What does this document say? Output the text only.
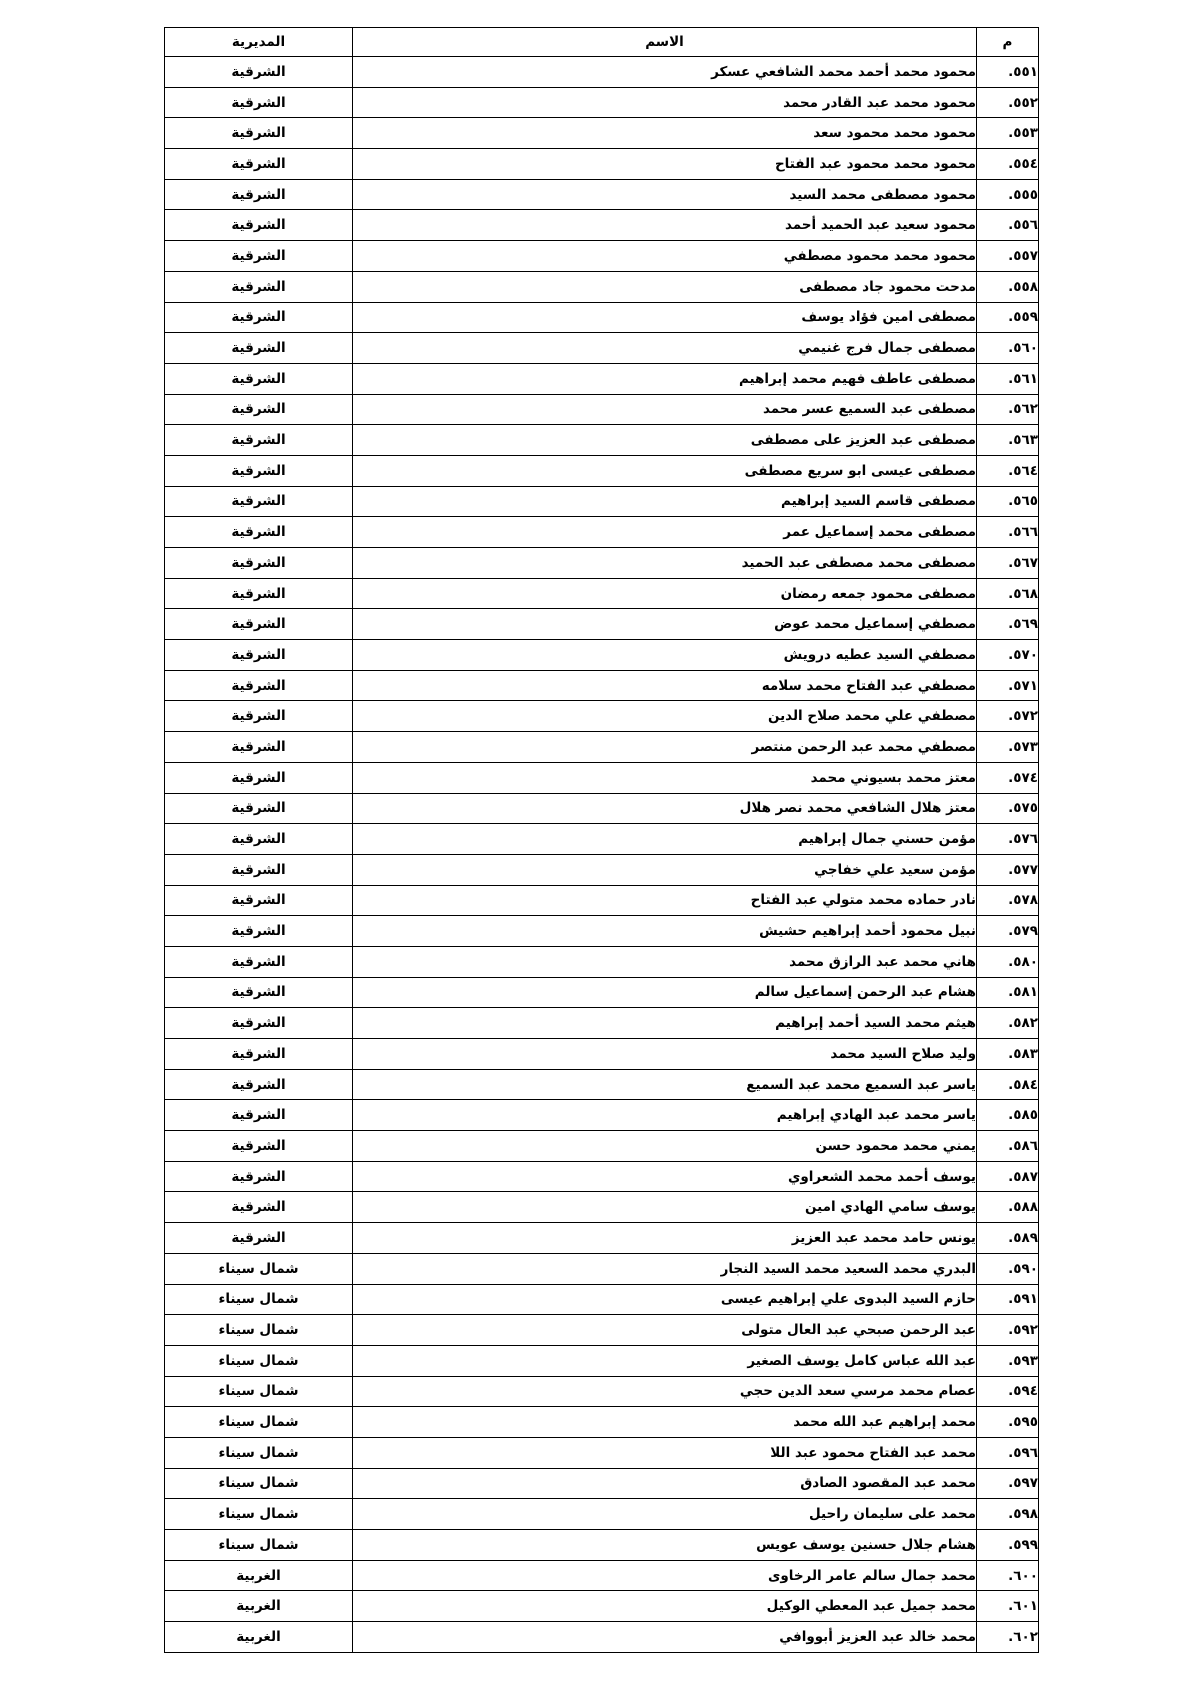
م	الاسم	المديرية
٥٥١.	محمود محمد أحمد محمد الشافعي عسكر	الشرقية
٥٥٢.	محمود محمد عبد القادر محمد	الشرقية
٥٥٣.	محمود محمد محمود سعد	الشرقية
٥٥٤.	محمود محمد محمود عبد الفتاح	الشرقية
٥٥٥.	محمود مصطفى محمد السيد	الشرقية
٥٥٦.	محمود سعيد عبد الحميد أحمد	الشرقية
٥٥٧.	محمود محمد محمود مصطفي	الشرقية
٥٥٨.	مدحت محمود جاد مصطفى	الشرقية
٥٥٩.	مصطفى امين فؤاد يوسف	الشرقية
٥٦٠.	مصطفى جمال فرج غنيمي	الشرقية
٥٦١.	مصطفى عاطف فهيم محمد إبراهيم	الشرقية
٥٦٢.	مصطفى عبد السميع عسر محمد	الشرقية
٥٦٣.	مصطفى عبد العزيز على مصطفى	الشرقية
٥٦٤.	مصطفى عيسى ابو سريع مصطفى	الشرقية
٥٦٥.	مصطفى قاسم السيد إبراهيم	الشرقية
٥٦٦.	مصطفى محمد إسماعيل عمر	الشرقية
٥٦٧.	مصطفى محمد مصطفى عبد الحميد	الشرقية
٥٦٨.	مصطفى محمود جمعه رمضان	الشرقية
٥٦٩.	مصطفي إسماعيل محمد عوض	الشرقية
٥٧٠.	مصطفي السيد عطيه درويش	الشرقية
٥٧١.	مصطفي عبد الفتاح محمد سلامه	الشرقية
٥٧٢.	مصطفي علي محمد صلاح الدين	الشرقية
٥٧٣.	مصطفي محمد عبد الرحمن منتصر	الشرقية
٥٧٤.	معتز محمد بسيوني محمد	الشرقية
٥٧٥.	معتز هلال الشافعي محمد نصر هلال	الشرقية
٥٧٦.	مؤمن حسني جمال إبراهيم	الشرقية
٥٧٧.	مؤمن سعيد علي خفاجي	الشرقية
٥٧٨.	نادر حماده محمد متولي عبد الفتاح	الشرقية
٥٧٩.	نبيل محمود أحمد إبراهيم حشيش	الشرقية
٥٨٠.	هاني محمد عبد الرازق محمد	الشرقية
٥٨١.	هشام عبد الرحمن إسماعيل سالم	الشرقية
٥٨٢.	هيثم محمد السيد أحمد إبراهيم	الشرقية
٥٨٣.	وليد صلاح السيد محمد	الشرقية
٥٨٤.	ياسر عبد السميع محمد عبد السميع	الشرقية
٥٨٥.	ياسر محمد عبد الهادي إبراهيم	الشرقية
٥٨٦.	يمني محمد محمود حسن	الشرقية
٥٨٧.	يوسف أحمد محمد الشعراوي	الشرقية
٥٨٨.	يوسف سامي الهادي امين	الشرقية
٥٨٩.	يونس حامد محمد عبد العزيز	الشرقية
٥٩٠.	البدري محمد السعيد محمد السيد النجار	شمال سيناء
٥٩١.	حازم السيد البدوى علي إبراهيم عيسى	شمال سيناء
٥٩٢.	عبد الرحمن صبحي عبد العال متولى	شمال سيناء
٥٩٣.	عبد الله عباس كامل يوسف الصغير	شمال سيناء
٥٩٤.	عصام محمد مرسي سعد الدين حجي	شمال سيناء
٥٩٥.	محمد إبراهيم عبد الله محمد	شمال سيناء
٥٩٦.	محمد عبد الفتاح محمود عبد اللا	شمال سيناء
٥٩٧.	محمد عبد المقصود الصادق	شمال سيناء
٥٩٨.	محمد على سليمان راحيل	شمال سيناء
٥٩٩.	هشام جلال حسنين يوسف عويس	شمال سيناء
٦٠٠.	محمد جمال سالم عامر الرخاوى	الغربية
٦٠١.	محمد جميل عبد المعطي الوكيل	الغربية
٦٠٢.	محمد خالد عبد العزيز أبووافي	الغربية
